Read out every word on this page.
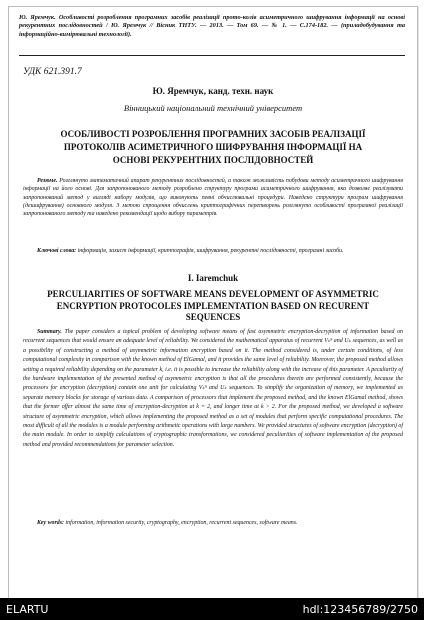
Ю. Яремчук. Особливості розроблення програмних засобів реалізації прото-колів асиметричного шифрування інформації на основі рекурентних послідовностей / Ю. Яремчук // Вісник ТНТУ. — 2013. — Том 69. — № 1. — С.174-182. — (приладобудування та інформаційно-вимірювальні технології).
УДК 621.391.7
Ю. Яремчук, канд. техн. наук
Вінницький національний технічний університет
ОСОБЛИВОСТІ РОЗРОБЛЕННЯ ПРОГРАМНИХ ЗАСОБІВ РЕАЛІЗАЦІЇ ПРОТОКОЛІВ АСИМЕТРИЧНОГО ШИФРУВАННЯ ІНФОРМАЦІЇ НА ОСНОВІ РЕКУРЕНТНИХ ПОСЛІДОВНОСТЕЙ
Резюме. Розглянуто математичний апарат рекурентних послідовностей, а також можливість побудови методу асиметричного шифрування інформації на його основі. Для запропонованого методу розроблено структуру програми асиметричного шифрування, яка дозволяє реалізувати запропонований метод у вигляді набору модулів, що виконують певні обчислювальні процедури. Наведено структури програм шифрування (дешифрування) основного модуля. З метою спрощення обчислень криптографічних перетворень розглянуто особливості програмної реалізації запропонованого методу та наведено рекомендації щодо вибору параметрів.
Ключові слова: інформація, захист інформації, криптографія, шифрування, рекурентні послідовності, програмні засоби.
I. Iaremchuk
PERCULIARITIES OF SOFTWARE MEANS DEVELOPMENT OF ASYMMETRIC ENCRYPTION PROTOCOLES IMPLEMENTATION BASED ON RECURENT SEQUENCES
Summary. The paper considers a topical problem of developing software means of fast asymmetric encryption-decryption of information based on recurrent sequences that would ensure an adequate level of reliability. We considered the mathematical apparatus of recurrent Vₖⁿ and Uₖ sequences, as well as a possibility of constructing a method of asymmetric information encryption based on it. The method considered is, under certain conditions, of less computational complexity in comparison with the known method of ElGamal, and it provides the same level of reliability. Moreover, the proposed method allows setting a required reliability depending on the parameter k, i.e. it is possible to increase the reliability along with the increase of this parameter. A peculiarity of the hardware implementation of the presented method of asymmetric encryption is that all the procedures therein are performed consistently, because the processors for encryption (decryption) contain one unit for calculating Vₖⁿ and Uₖ sequences. To simplify the organization of memory, we implemented as separate memory blocks for storage of various data. A comparison of processors that implement the proposed method, and the known ElGamal method, shows that the former offer almost the same time of encryption-decryption at k = 2, and longer time at k > 2. For the proposed method, we developed a software structure of asymmetric encryption, which allows implementing the proposed method as a set of modules that perform specific computational procedures. The most difficult of all the modules is a module performing arithmetic operations with large numbers. We provided structures of software encryption (decryption) of the main module. In order to simplify calculations of cryptographic transformations, we considered peculiarities of software implementation of the proposed method and provided recommendations for parameter selection.
Key words: information, information security, cryptography, encryption, recurrent sequences, software means.
ELARTU	hdl:123456789/2750
